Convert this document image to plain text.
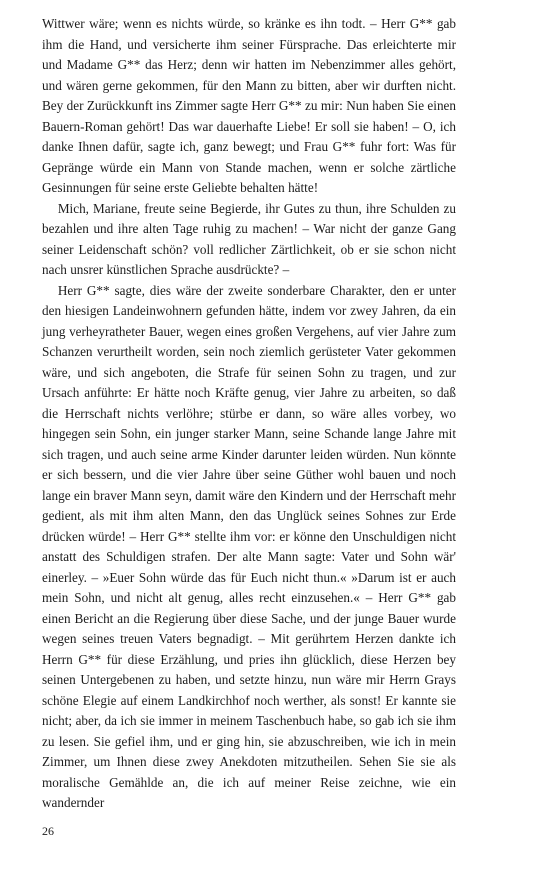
Wittwer wäre; wenn es nichts würde, so kränke es ihn todt. – Herr G** gab ihm die Hand, und versicherte ihm seiner Fürsprache. Das erleichterte mir und Madame G** das Herz; denn wir hatten im Nebenzimmer alles gehört, und wären gerne gekommen, für den Mann zu bitten, aber wir durften nicht. Bey der Zurückkunft ins Zimmer sagte Herr G** zu mir: Nun haben Sie einen Bauern-Roman gehört! Das war dauerhafte Liebe! Er soll sie haben! – O, ich danke Ihnen dafür, sagte ich, ganz bewegt; und Frau G** fuhr fort: Was für Gepränge würde ein Mann von Stande machen, wenn er solche zärtliche Gesinnungen für seine erste Geliebte behalten hätte!

Mich, Mariane, freute seine Begierde, ihr Gutes zu thun, ihre Schulden zu bezahlen und ihre alten Tage ruhig zu machen! – War nicht der ganze Gang seiner Leidenschaft schön? voll redlicher Zärtlichkeit, ob er sie schon nicht nach unsrer künstlichen Sprache ausdrückte? –

Herr G** sagte, dies wäre der zweite sonderbare Charakter, den er unter den hiesigen Landeinwohnern gefunden hätte, indem vor zwey Jahren, da ein jung verheyratheter Bauer, wegen eines großen Vergehens, auf vier Jahre zum Schanzen verurtheilt worden, sein noch ziemlich gerüsteter Vater gekommen wäre, und sich angeboten, die Strafe für seinen Sohn zu tragen, und zur Ursach anführte: Er hätte noch Kräfte genug, vier Jahre zu arbeiten, so daß die Herrschaft nichts verlöhre; stürbe er dann, so wäre alles vorbey, wo hingegen sein Sohn, ein junger starker Mann, seine Schande lange Jahre mit sich tragen, und auch seine arme Kinder darunter leiden würden. Nun könnte er sich bessern, und die vier Jahre über seine Güther wohl bauen und noch lange ein braver Mann seyn, damit wäre den Kindern und der Herrschaft mehr gedient, als mit ihm alten Mann, den das Unglück seines Sohnes zur Erde drücken würde! – Herr G** stellte ihm vor: er könne den Unschuldigen nicht anstatt des Schuldigen strafen. Der alte Mann sagte: Vater und Sohn wär' einerley. – »Euer Sohn würde das für Euch nicht thun.« »Darum ist er auch mein Sohn, und nicht alt genug, alles recht einzusehen.« – Herr G** gab einen Bericht an die Regierung über diese Sache, und der junge Bauer wurde wegen seines treuen Vaters begnadigt. – Mit gerührtem Herzen dankte ich Herrn G** für diese Erzählung, und pries ihn glücklich, diese Herzen bey seinen Untergebenen zu haben, und setzte hinzu, nun wäre mir Herrn Grays schöne Elegie auf einem Landkirchhof noch werther, als sonst! Er kannte sie nicht; aber, da ich sie immer in meinem Taschenbuch habe, so gab ich sie ihm zu lesen. Sie gefiel ihm, und er ging hin, sie abzuschreiben, wie ich in mein Zimmer, um Ihnen diese zwey Anekdoten mitzutheilen. Sehen Sie sie als moralische Gemählde an, die ich auf meiner Reise zeichne, wie ein wandernder

26
